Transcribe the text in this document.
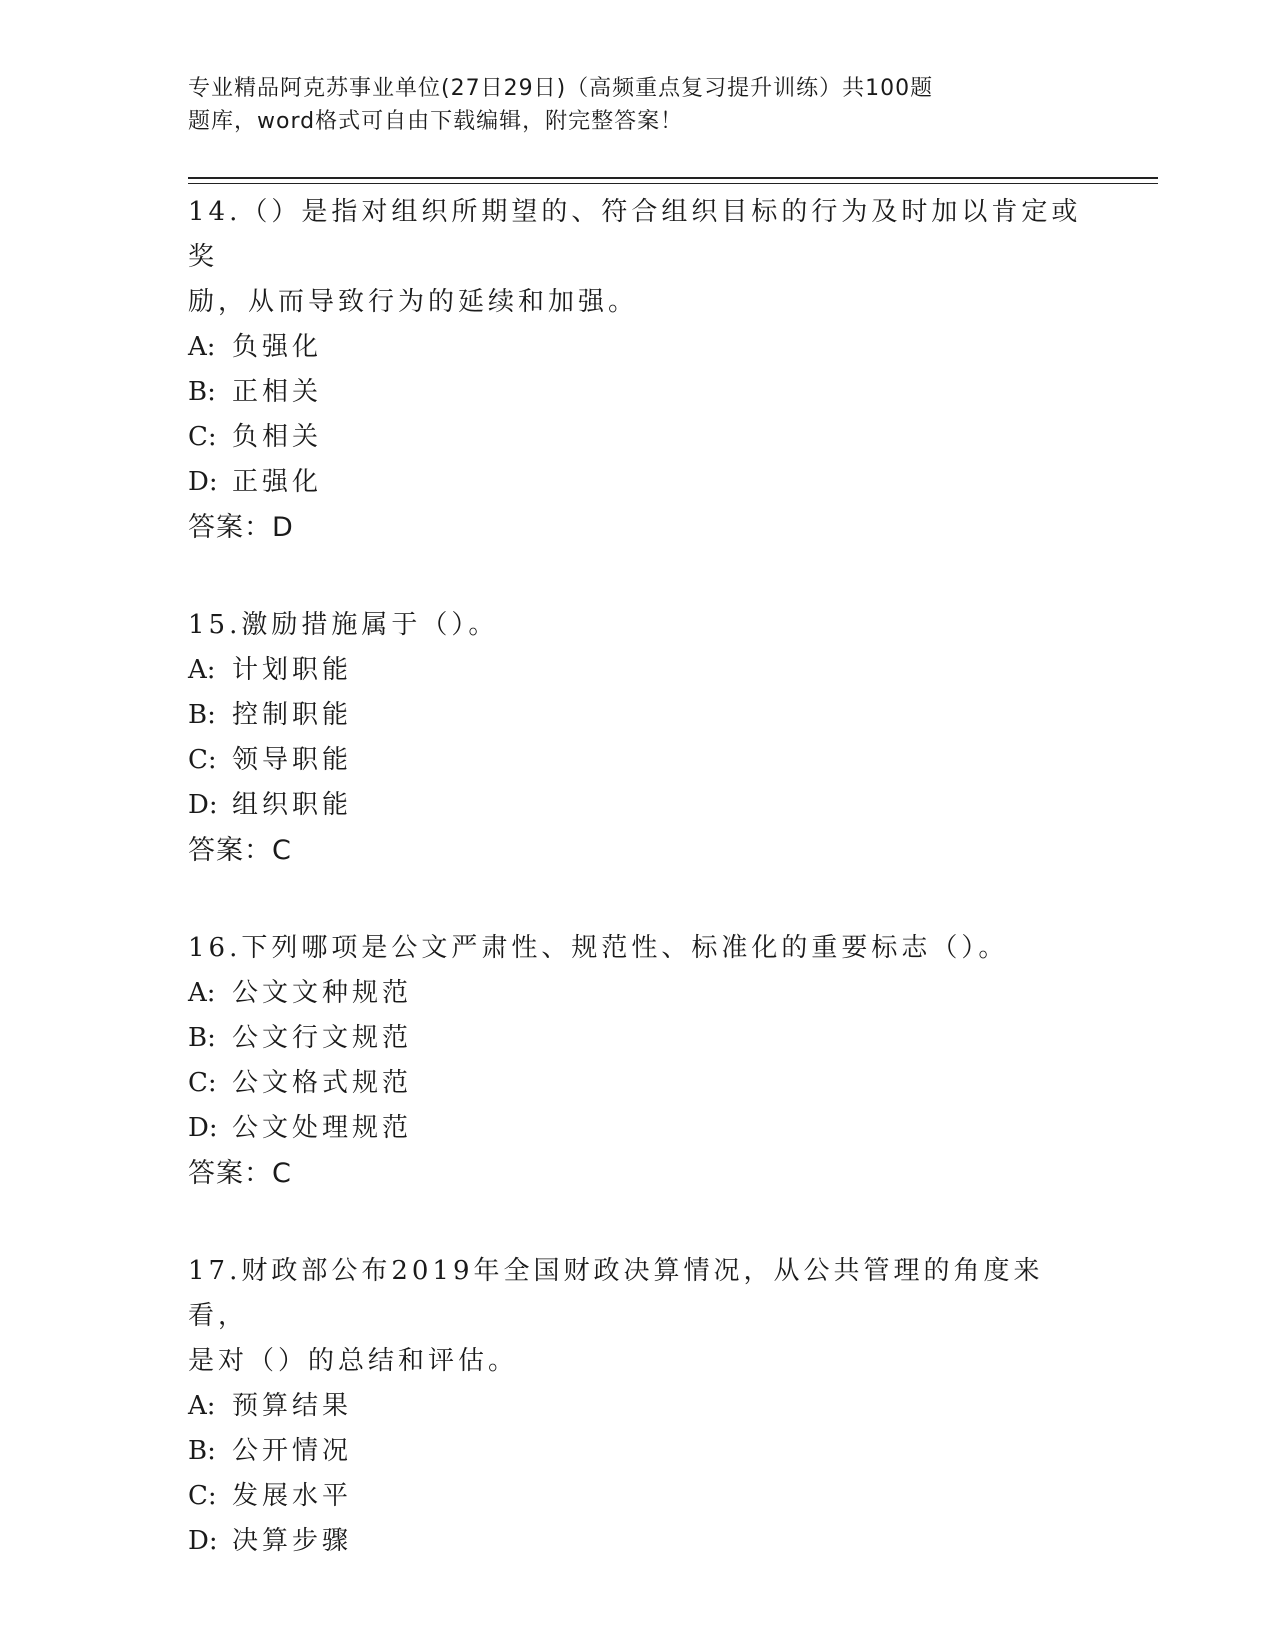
专业精品阿克苏事业单位(27日29日)（高频重点复习提升训练）共100题
题库，word格式可自由下载编辑，附完整答案！

14.（）是指对组织所期望的、符合组织目标的行为及时加以肯定或奖

励，从而导致行为的延续和加强。

A: 负强化

B: 正相关

C: 负相关

D: 正强化

答案：D

15.激励措施属于（）。

A: 计划职能

B: 控制职能

C: 领导职能

D: 组织职能

答案：C

16.下列哪项是公文严肃性、规范性、标准化的重要标志（）。

A: 公文文种规范

B: 公文行文规范

C: 公文格式规范

D: 公文处理规范

答案：C

17.财政部公布2019年全国财政决算情况，从公共管理的角度来看，

是对（）的总结和评估。

A: 预算结果

B: 公开情况

C: 发展水平

D: 决算步骤
